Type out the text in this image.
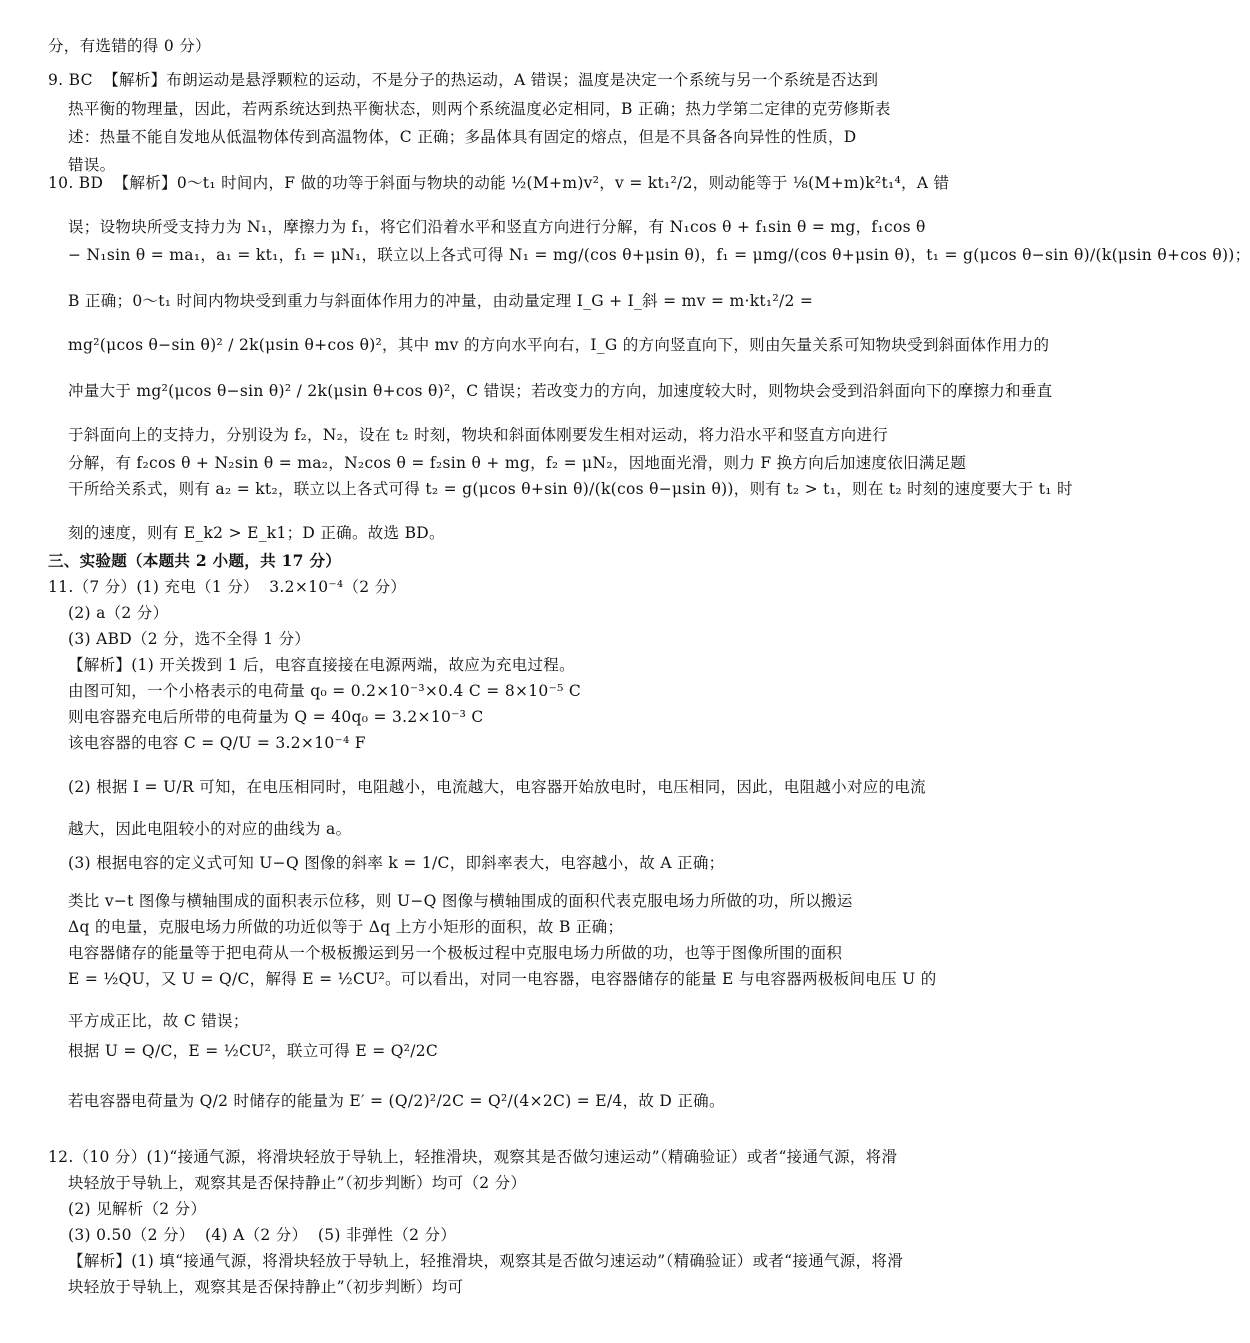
分，有选错的得 0 分）
9. BC  【解析】布朗运动是悬浮颗粒的运动，不是分子的热运动，A 错误；温度是决定一个系统与另一个系统是否达到
热平衡的物理量，因此，若两系统达到热平衡状态，则两个系统温度必定相同，B 正确；热力学第二定律的克劳修斯表
述：热量不能自发地从低温物体传到高温物体，C 正确；多晶体具有固定的熔点，但是不具备各向异性的性质，D
错误。
10. BD  【解析】0～t₁ 时间内，F 做的功等于斜面与物块的动能 ½(M+m)v²，v = kt₁²/2，则动能等于 ⅛(M+m)k²t₁⁴，A 错
误；设物块所受支持力为 N₁，摩擦力为 f₁，将它们沿着水平和竖直方向进行分解，有 N₁cos θ + f₁sin θ = mg，f₁cos θ
− N₁sin θ = ma₁，a₁ = kt₁，f₁ = μN₁，联立以上各式可得 N₁ = mg/(cos θ+μsin θ)，f₁ = μmg/(cos θ+μsin θ)，t₁ = g(μcos θ−sin θ)/(k(μsin θ+cos θ))；
B 正确；0～t₁ 时间内物块受到重力与斜面体作用力的冲量，由动量定理 I_G + I_斜 = mv = m·kt₁²/2 =
mg²(μcos θ−sin θ)² / 2k(μsin θ+cos θ)²，其中 mv 的方向水平向右，I_G 的方向竖直向下，则由矢量关系可知物块受到斜面体作用力的
冲量大于 mg²(μcos θ−sin θ)² / 2k(μsin θ+cos θ)²，C 错误；若改变力的方向，加速度较大时，则物块会受到沿斜面向下的摩擦力和垂直
于斜面向上的支持力，分别设为 f₂，N₂，设在 t₂ 时刻，物块和斜面体刚要发生相对运动，将力沿水平和竖直方向进行
分解，有 f₂cos θ + N₂sin θ = ma₂，N₂cos θ = f₂sin θ + mg，f₂ = μN₂，因地面光滑，则力 F 换方向后加速度依旧满足题
干所给关系式，则有 a₂ = kt₂，联立以上各式可得 t₂ = g(μcos θ+sin θ)/(k(cos θ−μsin θ))，则有 t₂ > t₁，则在 t₂ 时刻的速度要大于 t₁ 时
刻的速度，则有 E_k2 > E_k1；D 正确。故选 BD。
三、实验题（本题共 2 小题，共 17 分）
11.（7 分）(1) 充电（1 分）  3.2×10⁻⁴（2 分）
(2) a（2 分）
(3) ABD（2 分，选不全得 1 分）
【解析】(1) 开关拨到 1 后，电容直接接在电源两端，故应为充电过程。
由图可知，一个小格表示的电荷量 q₀ = 0.2×10⁻³×0.4 C = 8×10⁻⁵ C
则电容器充电后所带的电荷量为 Q = 40q₀ = 3.2×10⁻³ C
该电容器的电容 C = Q/U = 3.2×10⁻⁴ F
(2) 根据 I = U/R 可知，在电压相同时，电阻越小，电流越大，电容器开始放电时，电压相同，因此，电阻越小对应的电流
越大，因此电阻较小的对应的曲线为 a。
(3) 根据电容的定义式可知 U−Q 图像的斜率 k = 1/C，即斜率表大，电容越小，故 A 正确；
类比 v−t 图像与横轴围成的面积表示位移，则 U−Q 图像与横轴围成的面积代表克服电场力所做的功，所以搬运
Δq 的电量，克服电场力所做的功近似等于 Δq 上方小矩形的面积，故 B 正确；
电容器储存的能量等于把电荷从一个极板搬运到另一个极板过程中克服电场力所做的功，也等于图像所围的面积
E = ½QU，又 U = Q/C，解得 E = ½CU²。可以看出，对同一电容器，电容器储存的能量 E 与电容器两极板间电压 U 的
平方成正比，故 C 错误；
根据 U = Q/C，E = ½CU²，联立可得 E = Q²/2C
若电容器电荷量为 Q/2 时储存的能量为 E′ = (Q/2)²/2C = Q²/(4×2C) = E/4，故 D 正确。
12.（10 分）(1)“接通气源，将滑块轻放于导轨上，轻推滑块，观察其是否做匀速运动”（精确验证）或者“接通气源，将滑
块轻放于导轨上，观察其是否保持静止”（初步判断）均可（2 分）
(2) 见解析（2 分）
(3) 0.50（2 分）  (4) A（2 分）  (5) 非弹性（2 分）
【解析】(1) 填“接通气源，将滑块轻放于导轨上，轻推滑块，观察其是否做匀速运动”（精确验证）或者“接通气源，将滑
块轻放于导轨上，观察其是否保持静止”（初步判断）均可
